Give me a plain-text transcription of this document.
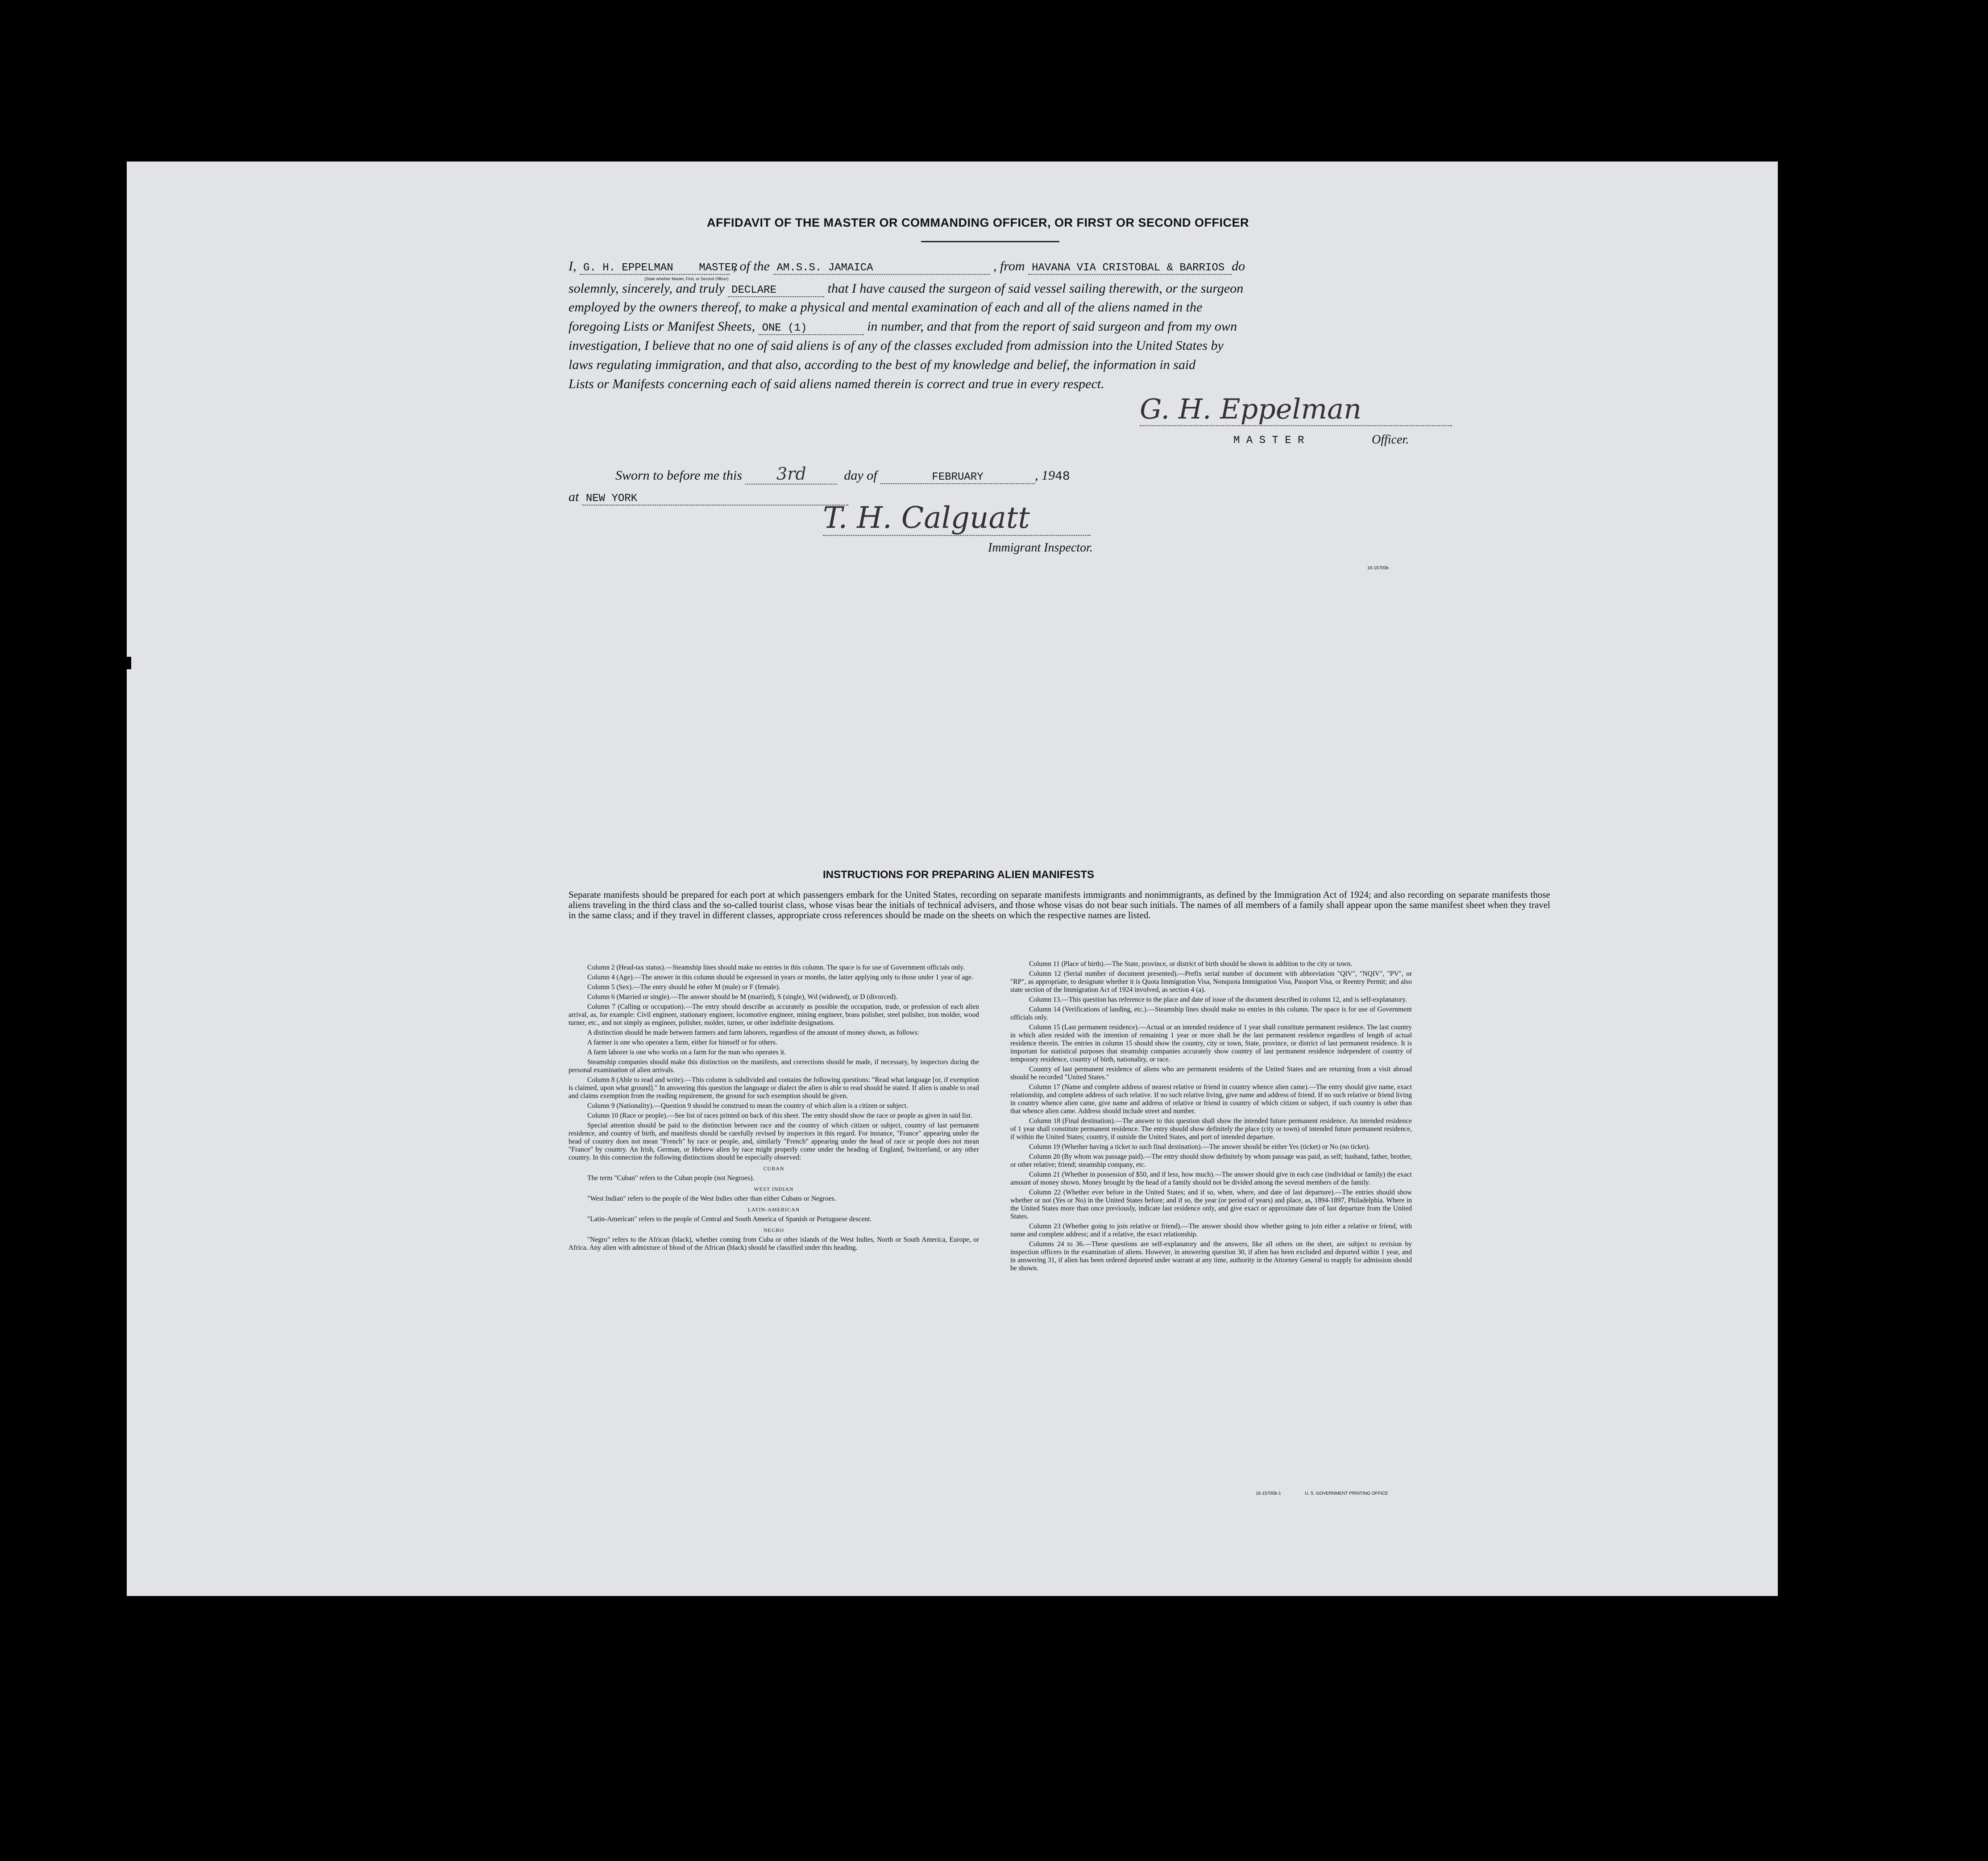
AFFIDAVIT OF THE MASTER OR COMMANDING OFFICER, OR FIRST OR SECOND OFFICER
I, G. H. EPPELMAN MASTER , of the AM.S.S. JAMAICA	, from HAVANA VIA CRISTOBAL & BARRIOS do
(State whether Master, First, or Second Officer)
solemnly, sincerely, and truly DECLARE	that I have caused the surgeon of said vessel sailing therewith, or the surgeon
employed by the owners thereof, to make a physical and mental examination of each and all of the aliens named in the
foregoing Lists or Manifest Sheets, ONE (1)	in number, and that from the report of said surgeon and from my own
investigation, I believe that no one of said aliens is of any of the classes excluded from admission into the United States by
laws regulating immigration, and that also, according to the best of my knowledge and belief, the information in said
Lists or Manifests concerning each of said aliens named therein is correct and true in every respect.
G. H. Eppelman
M A S T E R	Officer.
Sworn to before me this 3rd	day of	FEBRUARY	, 1948
at NEW YORK
T. H. Calguatt
Immigrant Inspector.
16-15700b
INSTRUCTIONS FOR PREPARING ALIEN MANIFESTS
Separate manifests should be prepared for each port at which passengers embark for the United States, recording on separate manifests immigrants and nonimmigrants, as defined by the Immigration Act of 1924; and also recording on separate manifests those aliens traveling in the third class and the so-called tourist class, whose visas bear the initials of technical advisers, and those whose visas do not bear such initials. The names of all members of a family shall appear upon the same manifest sheet when they travel in the same class; and if they travel in different classes, appropriate cross references should be made on the sheets on which the respective names are listed.

Column 2 (Head-tax status).—Steamship lines should make no entries in this column. The space is for use of Government officials only.

Column 4 (Age).—The answer in this column should be expressed in years or months, the latter applying only to those under 1 year of age.

Column 5 (Sex).—The entry should be either M (male) or F (female).

Column 6 (Married or single).—The answer should be M (married), S (single), Wd (widowed), or D (divorced).

Column 7 (Calling or occupation).—The entry should describe as accurately as possible the occupation, trade, or profession of each alien arrival, as, for example: Civil engineer, stationary engineer, locomotive engineer, mining engineer, brass polisher, steel polisher, iron molder, wood turner, etc., and not simply as engineer, polisher, molder, turner, or other indefinite designations.

A distinction should be made between farmers and farm laborers, regardless of the amount of money shown, as follows:

A farmer is one who operates a farm, either for himself or for others.

A farm laborer is one who works on a farm for the man who operates it.

Steamship companies should make this distinction on the manifests, and corrections should be made, if necessary, by inspectors during the personal examination of alien arrivals.

Column 8 (Able to read and write).—This column is subdivided and contains the following questions: "Read what language [or, if exemption is claimed, upon what ground]." In answering this question the language or dialect the alien is able to read should be stated. If alien is unable to read and claims exemption from the reading requirement, the ground for such exemption should be given.

Column 9 (Nationality).—Question 9 should be construed to mean the country of which alien is a citizen or subject.

Column 10 (Race or people).—See list of races printed on back of this sheet. The entry should show the race or people as given in said list.

Special attention should be paid to the distinction between race and the country of which citizen or subject, country of last permanent residence, and country of birth, and manifests should be carefully revised by inspectors in this regard. For instance, "France" appearing under the head of country does not mean "French" by race or people, and, similarly "French" appearing under the head of race or people does not mean "France" by country. An Irish, German, or Hebrew alien by race might properly come under the heading of England, Switzerland, or any other country. In this connection the following distinctions should be especially observed:

CUBAN

The term "Cuban" refers to the Cuban people (not Negroes).

WEST INDIAN

"West Indian" refers to the people of the West Indies other than either Cubans or Negroes.

LATIN-AMERICAN

"Latin-American" refers to the people of Central and South America of Spanish or Portuguese descent.

NEGRO

"Negro" refers to the African (black), whether coming from Cuba or other islands of the West Indies, North or South America, Europe, or Africa. Any alien with admixture of blood of the African (black) should be classified under this heading.

Column 11 (Place of birth).—The State, province, or district of birth should be shown in addition to the city or town.

Column 12 (Serial number of document presented).—Prefix serial number of document with abbreviation "QIV", "NQIV", "PV", or "RP", as appropriate, to designate whether it is Quota Immigration Visa, Nonquota Immigration Visa, Passport Visa, or Reentry Permit; and also state section of the Immigration Act of 1924 involved, as section 4 (a).

Column 13.—This question has reference to the place and date of issue of the document described in column 12, and is self-explanatory.

Column 14 (Verifications of landing, etc.).—Steamship lines should make no entries in this column. The space is for use of Government officials only.

Column 15 (Last permanent residence).—Actual or an intended residence of 1 year shall constitute permanent residence. The last country in which alien resided with the intention of remaining 1 year or more shall be the last permanent residence regardless of length of actual residence therein. The entries in column 15 should show the country, city or town, State, province, or district of last permanent residence. It is important for statistical purposes that steamship companies accurately show country of last permanent residence independent of country of temporary residence, country of birth, nationality, or race.

Country of last permanent residence of aliens who are permanent residents of the United States and are returning from a visit abroad should be recorded "United States."

Column 17 (Name and complete address of nearest relative or friend in country whence alien came).—The entry should give name, exact relationship, and complete address of such relative. If no such relative living, give name and address of friend. If no such relative or friend living in country whence alien came, give name and address of relative or friend in country of which citizen or subject, if such country is other than that whence alien came. Address should include street and number.

Column 18 (Final destination).—The answer to this question shall show the intended future permanent residence. An intended residence of 1 year shall constitute permanent residence. The entry should show definitely the place (city or town) of intended future permanent residence, if within the United States; country, if outside the United States, and port of intended departure.

Column 19 (Whether having a ticket to such final destination).—The answer should be either Yes (ticket) or No (no ticket).

Column 20 (By whom was passage paid).—The entry should show definitely by whom passage was paid, as self; husband, father, brother, or other relative; friend; steamship company, etc.

Column 21 (Whether in possession of $50, and if less, how much).—The answer should give in each case (individual or family) the exact amount of money shown. Money brought by the head of a family should not be divided among the several members of the family.

Column 22 (Whether ever before in the United States; and if so, when, where, and date of last departure).—The entries should show whether or not (Yes or No) in the United States before; and if so, the year (or period of years) and place, as, 1894-1897, Philadelphia. Where in the United States more than once previously, indicate last residence only, and give exact or approximate date of last departure from the United States.

Column 23 (Whether going to join relative or friend).—The answer should show whether going to join either a relative or friend, with name and complete address; and if a relative, the exact relationship.

Columns 24 to 36.—These questions are self-explanatory and the answers, like all others on the sheet, are subject to revision by inspection officers in the examination of aliens. However, in answering question 30, if alien has been excluded and deported within 1 year, and in answering 31, if alien has been ordered deported under warrant at any time, authority in the Attorney General to reapply for admission should be shown.

16-15700b-1	U. S. GOVERNMENT PRINTING OFFICE
